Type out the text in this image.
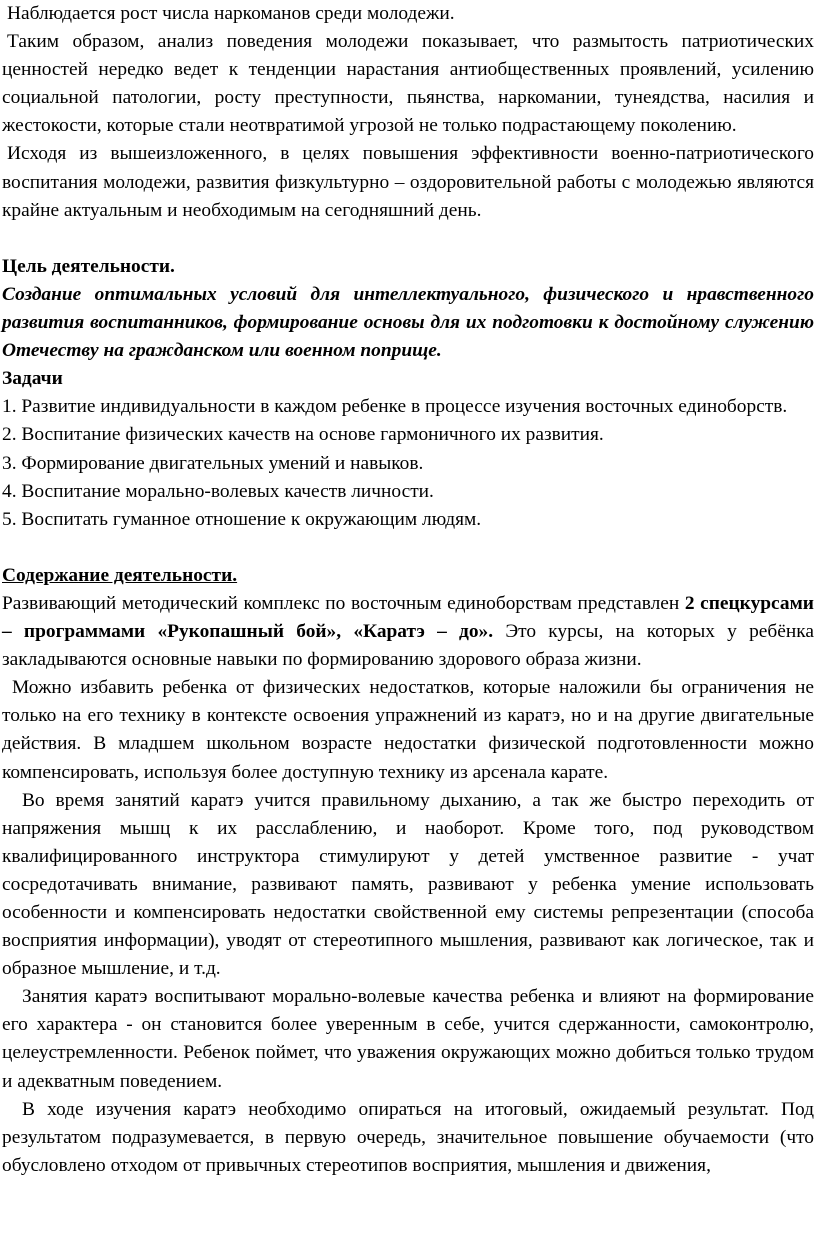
Наблюдается рост числа наркоманов среди молодежи.

Таким образом, анализ поведения молодежи показывает, что размытость патриотических ценностей нередко ведет к тенденции нарастания антиобщественных проявлений, усилению социальной патологии, росту преступности, пьянства, наркомании, тунеядства, насилия и жестокости, которые стали неотвратимой угрозой не только подрастающему поколению.

Исходя из вышеизложенного, в целях повышения эффективности военно-патриотического воспитания молодежи, развития физкультурно – оздоровительной работы с молодежью являются крайне актуальным и необходимым на сегодняшний день.

Цель деятельности.

Создание оптимальных условий для интеллектуального, физического и нравственного развития воспитанников, формирование основы для их подготовки к достойному служению Отечеству на гражданском или военном поприще.

Задачи

1. Развитие индивидуальности в каждом ребенке в процессе изучения восточных единоборств.

2. Воспитание физических качеств на основе гармоничного их развития.

3. Формирование двигательных умений и навыков.

4. Воспитание морально-волевых качеств личности.

5. Воспитать гуманное отношение к окружающим людям.

Содержание деятельности.

Развивающий методический комплекс по восточным единоборствам представлен 2 спецкурсами – программами «Рукопашный бой», «Каратэ – до». Это курсы, на которых у ребёнка закладываются основные навыки по формированию здорового образа жизни.

Можно избавить ребенка от физических недостатков, которые наложили бы ограничения не только на его технику в контексте освоения упражнений из каратэ, но и на другие двигательные действия. В младшем школьном возрасте недостатки физической подготовленности можно компенсировать, используя более доступную технику из арсенала карате.

Во время занятий каратэ учится правильному дыханию, а так же быстро переходить от напряжения мышц к их расслаблению, и наоборот. Кроме того, под руководством квалифицированного инструктора стимулируют у детей умственное развитие - учат сосредотачивать внимание, развивают память, развивают у ребенка умение использовать особенности и компенсировать недостатки свойственной ему системы репрезентации (способа восприятия информации), уводят от стереотипного мышления, развивают как логическое, так и образное мышление, и т.д.

Занятия каратэ воспитывают морально-волевые качества ребенка и влияют на формирование его характера - он становится более уверенным в себе, учится сдержанности, самоконтролю, целеустремленности. Ребенок поймет, что уважения окружающих можно добиться только трудом и адекватным поведением.

В ходе изучения каратэ необходимо опираться на итоговый, ожидаемый результат. Под результатом подразумевается, в первую очередь, значительное повышение обучаемости (что обусловлено отходом от привычных стереотипов восприятия, мышления и движения,
